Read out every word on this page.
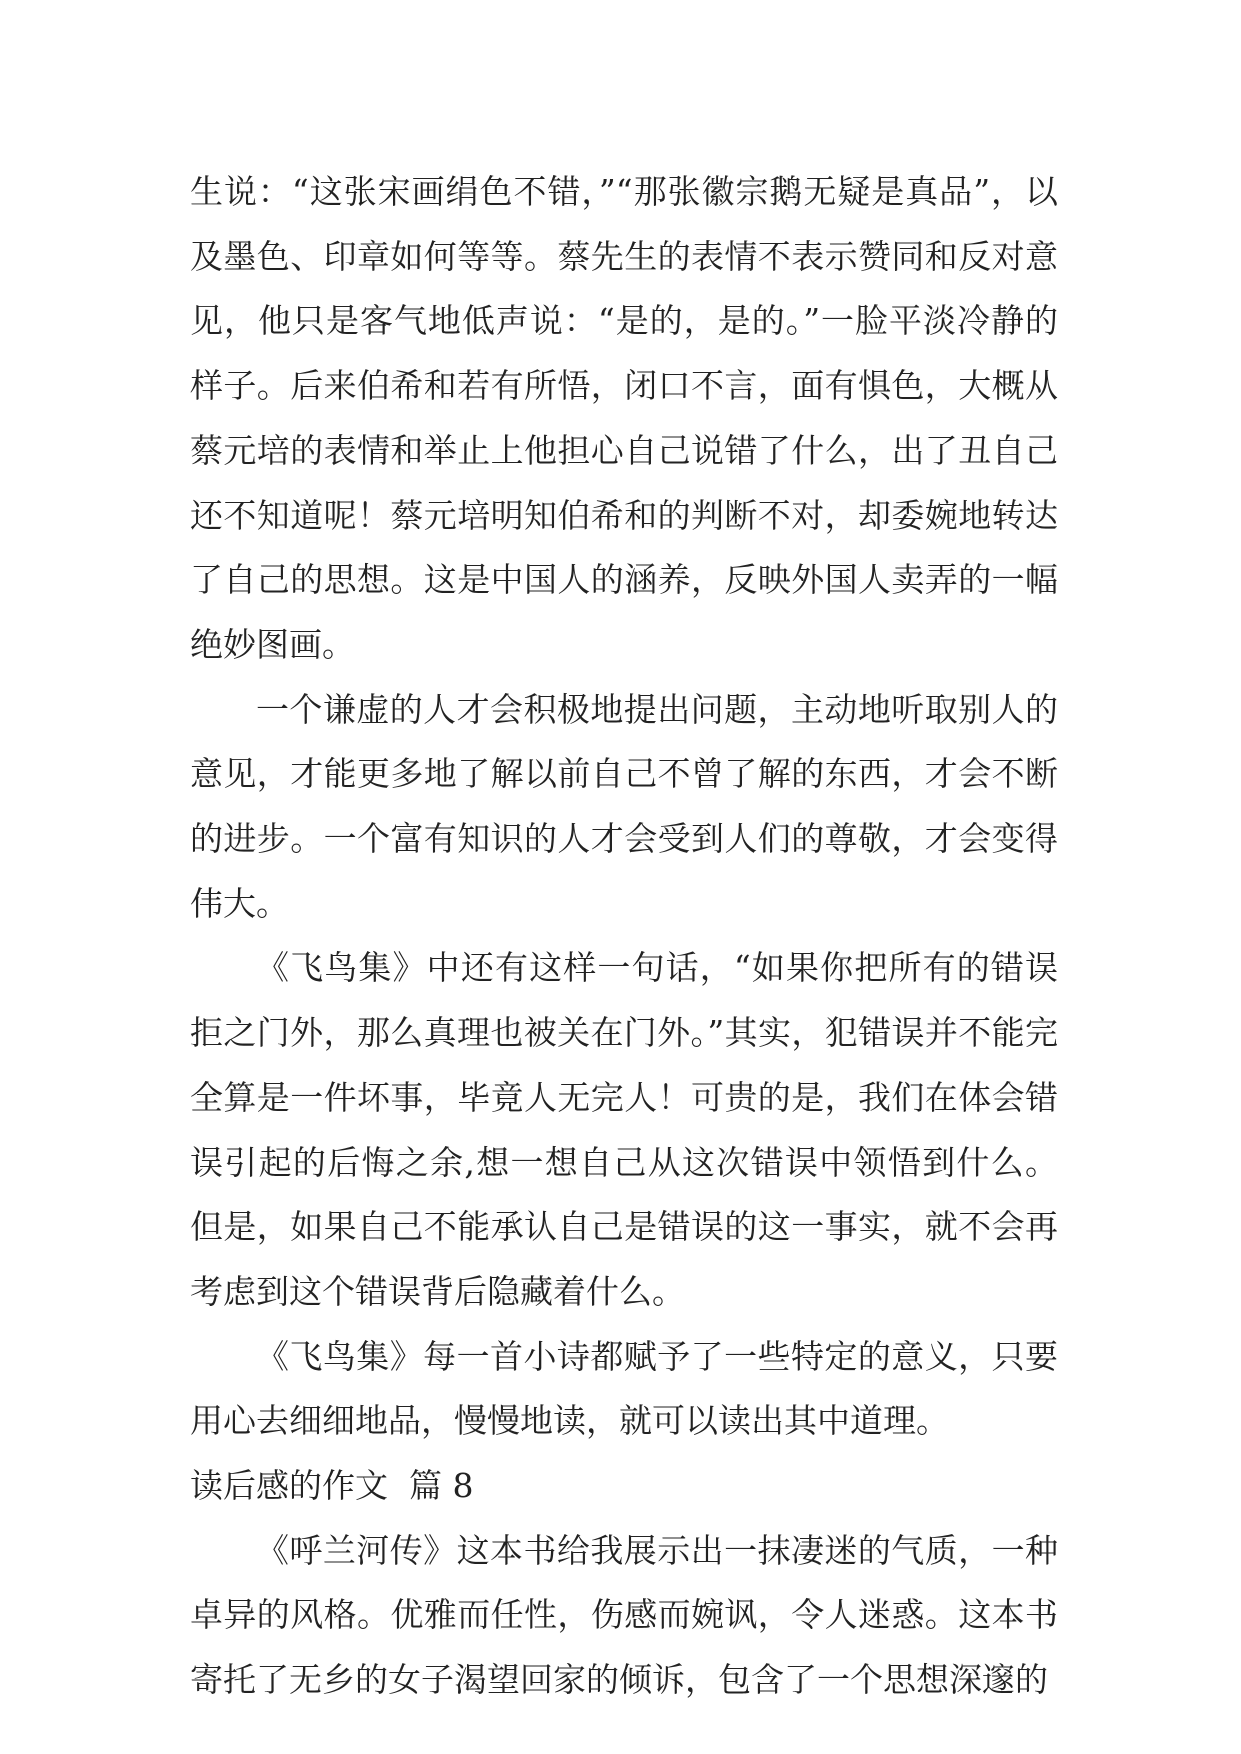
生说：“这张宋画绢色不错，”“那张徽宗鹅无疑是真品”，以及墨色、印章如何等等。蔡先生的表情不表示赞同和反对意见，他只是客气地低声说：“是的，是的。”一脸平淡冷静的样子。后来伯希和若有所悟，闭口不言，面有惧色，大概从蔡元培的表情和举止上他担心自己说错了什么，出了丑自己还不知道呢！蔡元培明知伯希和的判断不对，却委婉地转达了自己的思想。这是中国人的涵养，反映外国人卖弄的一幅绝妙图画。

一个谦虚的人才会积极地提出问题，主动地听取别人的意见，才能更多地了解以前自己不曾了解的东西，才会不断的进步。一个富有知识的人才会受到人们的尊敬，才会变得伟大。

《飞鸟集》中还有这样一句话，“如果你把所有的错误拒之门外，那么真理也被关在门外。”其实，犯错误并不能完全算是一件坏事，毕竟人无完人！可贵的是，我们在体会错误引起的后悔之余,想一想自己从这次错误中领悟到什么。但是，如果自己不能承认自己是错误的这一事实，就不会再考虑到这个错误背后隐藏着什么。

《飞鸟集》每一首小诗都赋予了一些特定的意义，只要用心去细细地品，慢慢地读，就可以读出其中道理。

读后感的作文  篇 8

《呼兰河传》这本书给我展示出一抹凄迷的气质，一种卓异的风格。优雅而任性，伤感而婉讽，令人迷惑。这本书寄托了无乡的女子渴望回家的倾诉，包含了一个思想深邃的
